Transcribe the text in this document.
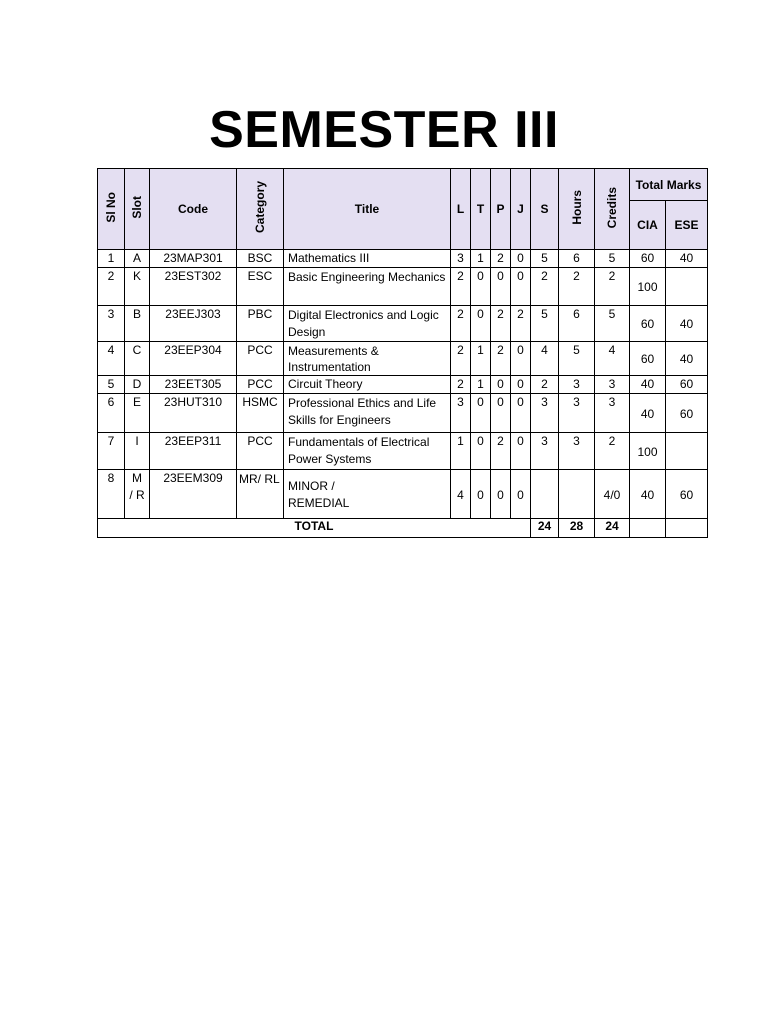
SEMESTER III
Sl No	Slot	Code	Category	Title	L	T	P	J	S	Hours	Credits	Total Marks	
												CIA	ESE
1	A	23MAP301	BSC	Mathematics III	3	1	2	0	5	6	5	60	40
2	K	23EST302	ESC	Basic Engineering Mechanics	2	0	0	0	2	2	2	100	
3	B	23EEJ303	PBC	Digital Electronics and Logic Design	2	0	2	2	5	6	5	60	40
4	C	23EEP304	PCC	Measurements & Instrumentation	2	1	2	0	4	5	4	60	40
5	D	23EET305	PCC	Circuit Theory	2	1	0	0	2	3	3	40	60
6	E	23HUT310	HSMC	Professional Ethics and Life Skills for Engineers	3	0	0	0	3	3	3	40	60
7	I	23EEP311	PCC	Fundamentals of Electrical Power Systems	1	0	2	0	3	3	2	100	
8	M / R	23EEM309	MR/ RL	MINOR / REMEDIAL	4	0	0	0			4/0	40	60
TOTAL									24	28	24		
